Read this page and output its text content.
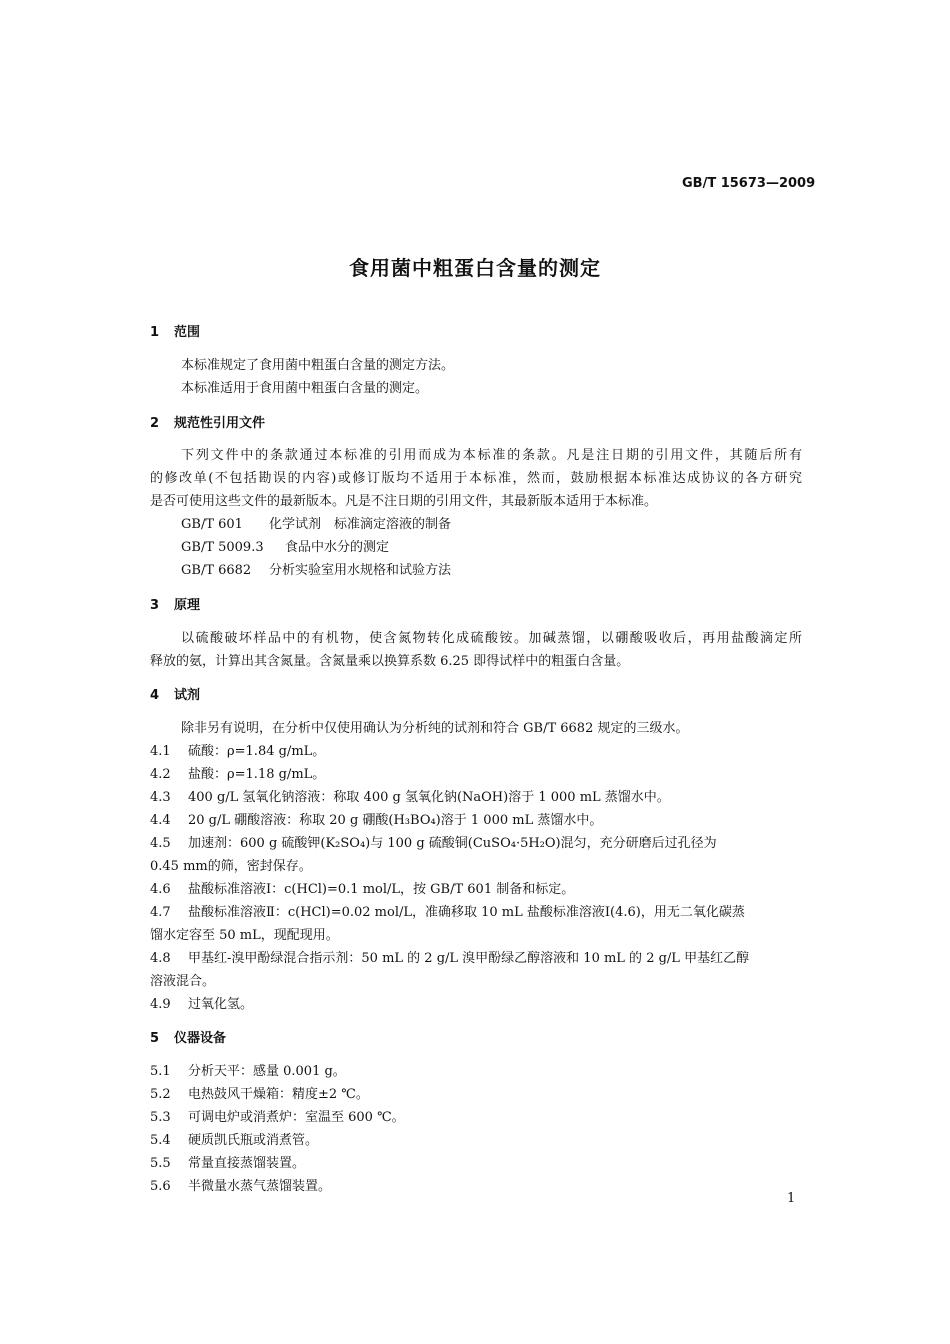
GB/T 15673—2009
食用菌中粗蛋白含量的测定
1 范围
本标准规定了食用菌中粗蛋白含量的测定方法。
本标准适用于食用菌中粗蛋白含量的测定。
2 规范性引用文件
下列文件中的条款通过本标准的引用而成为本标准的条款。凡是注日期的引用文件，其随后所有
的修改单(不包括勘误的内容)或修订版均不适用于本标准，然而，鼓励根据本标准达成协议的各方研究
是否可使用这些文件的最新版本。凡是不注日期的引用文件，其最新版本适用于本标准。
GB/T 601 化学试剂　标准滴定溶液的制备
GB/T 5009.3 食品中水分的测定
GB/T 6682 分析实验室用水规格和试验方法
3 原理
以硫酸破坏样品中的有机物，使含氮物转化成硫酸铵。加碱蒸馏，以硼酸吸收后，再用盐酸滴定所
释放的氨，计算出其含氮量。含氮量乘以换算系数 6.25 即得试样中的粗蛋白含量。
4 试剂
除非另有说明，在分析中仅使用确认为分析纯的试剂和符合 GB/T 6682 规定的三级水。
4.1 硫酸：ρ=1.84 g/mL。
4.2 盐酸：ρ=1.18 g/mL。
4.3 400 g/L 氢氧化钠溶液：称取 400 g 氢氧化钠(NaOH)溶于 1 000 mL 蒸馏水中。
4.4 20 g/L 硼酸溶液：称取 20 g 硼酸(H₃BO₄)溶于 1 000 mL 蒸馏水中。
4.5 加速剂：600 g 硫酸钾(K₂SO₄)与 100 g 硫酸铜(CuSO₄·5H₂O)混匀，充分研磨后过孔径为
0.45 mm的筛，密封保存。
4.6 盐酸标准溶液Ⅰ：c(HCl)=0.1 mol/L，按 GB/T 601 制备和标定。
4.7 盐酸标准溶液Ⅱ：c(HCl)=0.02 mol/L，准确移取 10 mL 盐酸标准溶液Ⅰ(4.6)，用无二氧化碳蒸
馏水定容至 50 mL，现配现用。
4.8 甲基红-溴甲酚绿混合指示剂：50 mL 的 2 g/L 溴甲酚绿乙醇溶液和 10 mL 的 2 g/L 甲基红乙醇
溶液混合。
4.9 过氧化氢。
5 仪器设备
5.1 分析天平：感量 0.001 g。
5.2 电热鼓风干燥箱：精度±2 ℃。
5.3 可调电炉或消煮炉：室温至 600 ℃。
5.4 硬质凯氏瓶或消煮管。
5.5 常量直接蒸馏装置。
5.6 半微量水蒸气蒸馏装置。
1
